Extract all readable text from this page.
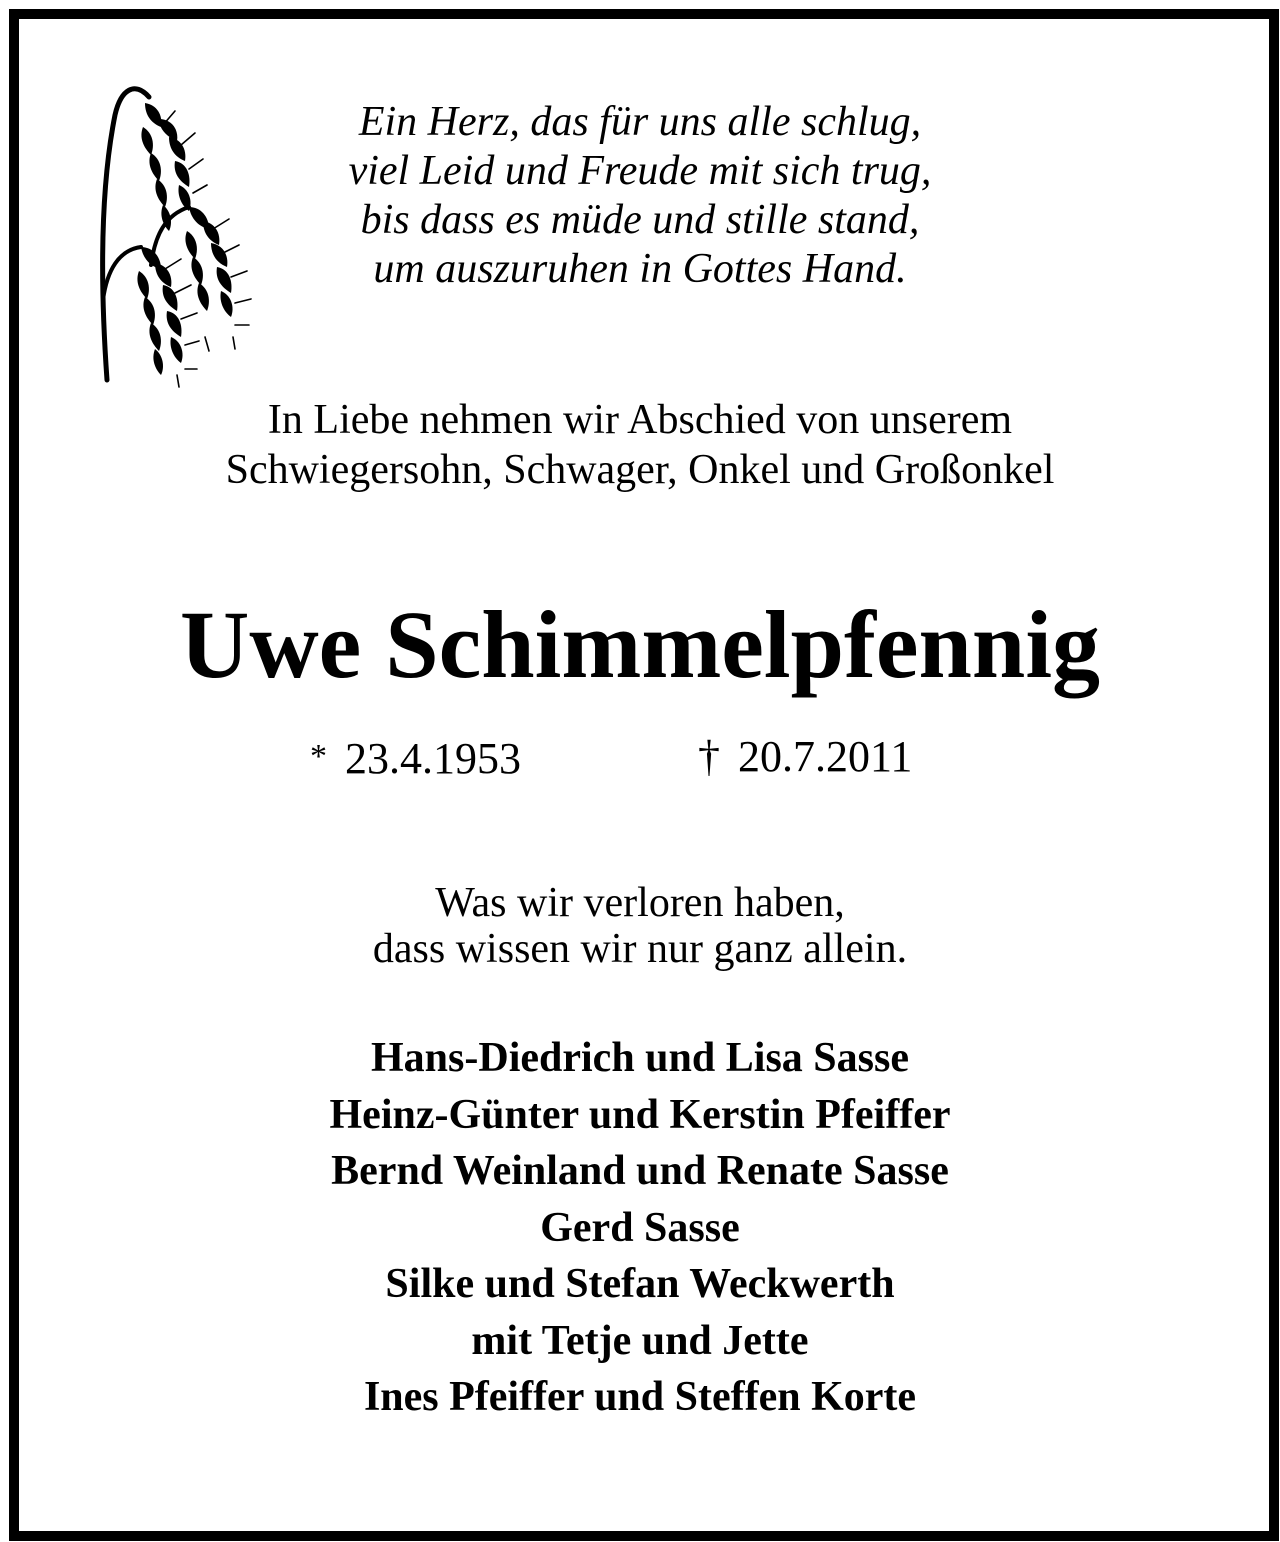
Ein Herz, das für uns alle schlug,
viel Leid und Freude mit sich trug,
bis dass es müde und stille stand,
um auszuruhen in Gottes Hand.
In Liebe nehmen wir Abschied von unserem
Schwiegersohn, Schwager, Onkel und Großonkel
Uwe Schimmelpfennig
* 23.4.1953	† 20.7.2011
Was wir verloren haben,
dass wissen wir nur ganz allein.
Hans-Diedrich und Lisa Sasse
Heinz-Günter und Kerstin Pfeiffer
Bernd Weinland und Renate Sasse
Gerd Sasse
Silke und Stefan Weckwerth
mit Tetje und Jette
Ines Pfeiffer und Steffen Korte
